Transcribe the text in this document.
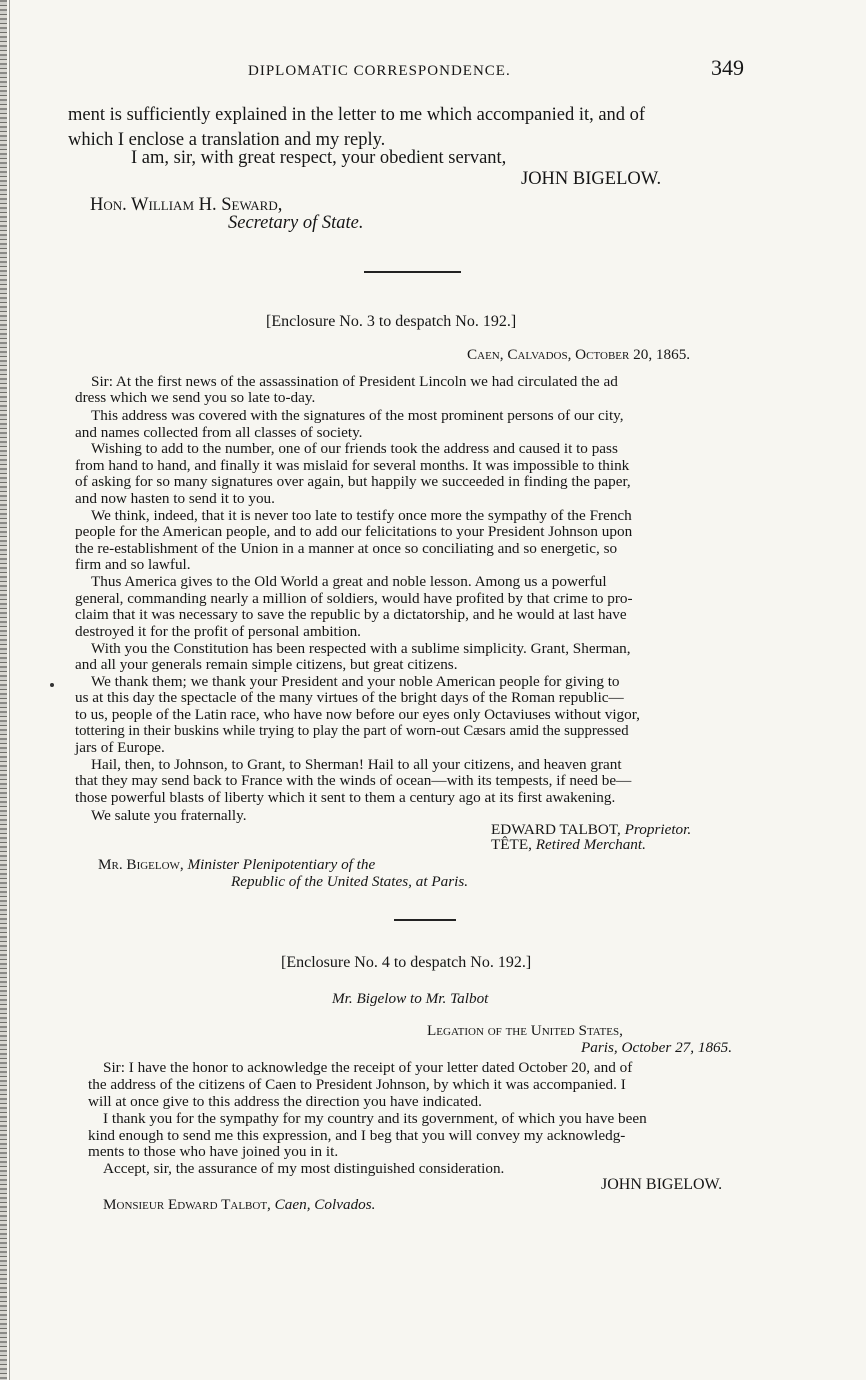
DIPLOMATIC CORRESPONDENCE.	349
ment is sufficiently explained in the letter to me which accompanied it, and of
which I enclose a translation and my reply.
I am, sir, with great respect, your obedient servant,
JOHN BIGELOW.
Hon. William H. Seward,
Secretary of State.
[Enclosure No. 3 to despatch No. 192.]
Caen, Calvados, October 20, 1865.
Sir: At the first news of the assassination of President Lincoln we had circulated the ad
dress which we send you so late to-day.
This address was covered with the signatures of the most prominent persons of our city,
and names collected from all classes of society.
Wishing to add to the number, one of our friends took the address and caused it to pass
from hand to hand, and finally it was mislaid for several months. It was impossible to think
of asking for so many signatures over again, but happily we succeeded in finding the paper,
and now hasten to send it to you.
We think, indeed, that it is never too late to testify once more the sympathy of the French
people for the American people, and to add our felicitations to your President Johnson upon
the re-establishment of the Union in a manner at once so conciliating and so energetic, so
firm and so lawful.
Thus America gives to the Old World a great and noble lesson. Among us a powerful
general, commanding nearly a million of soldiers, would have profited by that crime to pro-
claim that it was necessary to save the republic by a dictatorship, and he would at last have
destroyed it for the profit of personal ambition.
With you the Constitution has been respected with a sublime simplicity. Grant, Sherman,
and all your generals remain simple citizens, but great citizens.
We thank them; we thank your President and your noble American people for giving to
us at this day the spectacle of the many virtues of the bright days of the Roman republic—
to us, people of the Latin race, who have now before our eyes only Octaviuses without vigor,
tottering in their buskins while trying to play the part of worn-out Cæsars amid the suppressed
jars of Europe.
Hail, then, to Johnson, to Grant, to Sherman! Hail to all your citizens, and heaven grant
that they may send back to France with the winds of ocean—with its tempests, if need be—
those powerful blasts of liberty which it sent to them a century ago at its first awakening.
We salute you fraternally.
EDWARD TALBOT, Proprietor.
TÊTE, Retired Merchant.
Mr. Bigelow, Minister Plenipotentiary of the
Republic of the United States, at Paris.
[Enclosure No. 4 to despatch No. 192.]
Mr. Bigelow to Mr. Talbot
Legation of the United States,
Paris, October 27, 1865.
Sir: I have the honor to acknowledge the receipt of your letter dated October 20, and of
the address of the citizens of Caen to President Johnson, by which it was accompanied. I
will at once give to this address the direction you have indicated.
I thank you for the sympathy for my country and its government, of which you have been
kind enough to send me this expression, and I beg that you will convey my acknowledg-
ments to those who have joined you in it.
Accept, sir, the assurance of my most distinguished consideration.
JOHN BIGELOW.
Monsieur Edward Talbot, Caen, Colvados.
